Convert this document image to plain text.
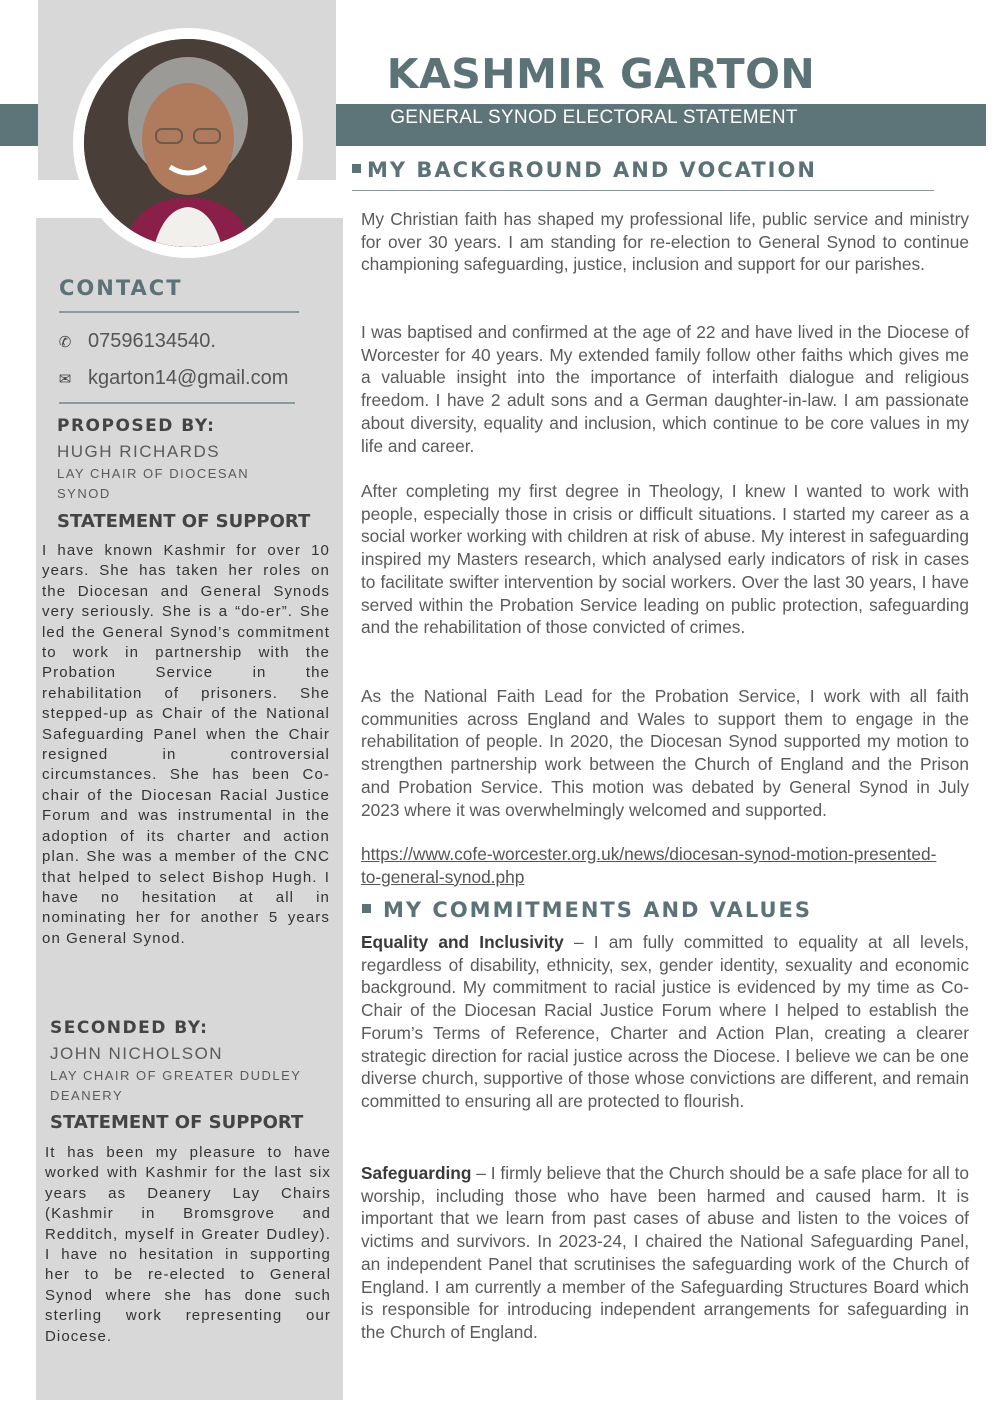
KASHMIR GARTON
GENERAL SYNOD ELECTORAL STATEMENT
CONTACT
✆ 07596134540.
✉ kgarton14@gmail.com
PROPOSED BY:
HUGH RICHARDS
LAY CHAIR OF DIOCESAN SYNOD
STATEMENT OF SUPPORT
I have known Kashmir for over 10 years. She has taken her roles on the Diocesan and General Synods very seriously. She is a “do-er”. She led the General Synod’s commitment to work in partnership with the Probation Service in the rehabilitation of prisoners. She stepped-up as Chair of the National Safeguarding Panel when the Chair resigned in controversial circumstances. She has been Co-chair of the Diocesan Racial Justice Forum and was instrumental in the adoption of its charter and action plan. She was a member of the CNC that helped to select Bishop Hugh. I have no hesitation at all in nominating her for another 5 years on General Synod.
SECONDED BY:
JOHN NICHOLSON
LAY CHAIR OF GREATER DUDLEY DEANERY
STATEMENT OF SUPPORT
It has been my pleasure to have worked with Kashmir for the last six years as Deanery Lay Chairs (Kashmir in Bromsgrove and Redditch, myself in Greater Dudley). I have no hesitation in supporting her to be re-elected to General Synod where she has done such sterling work representing our Diocese.
MY BACKGROUND AND VOCATION
My Christian faith has shaped my professional life, public service and ministry for over 30 years. I am standing for re-election to General Synod to continue championing safeguarding, justice, inclusion and support for our parishes.
I was baptised and confirmed at the age of 22 and have lived in the Diocese of Worcester for 40 years. My extended family follow other faiths which gives me a valuable insight into the importance of interfaith dialogue and religious freedom. I have 2 adult sons and a German daughter-in-law. I am passionate about diversity, equality and inclusion, which continue to be core values in my life and career.
After completing my first degree in Theology, I knew I wanted to work with people, especially those in crisis or difficult situations. I started my career as a social worker working with children at risk of abuse. My interest in safeguarding inspired my Masters research, which analysed early indicators of risk in cases to facilitate swifter intervention by social workers. Over the last 30 years, I have served within the Probation Service leading on public protection, safeguarding and the rehabilitation of those convicted of crimes.
As the National Faith Lead for the Probation Service, I work with all faith communities across England and Wales to support them to engage in the rehabilitation of people. In 2020, the Diocesan Synod supported my motion to strengthen partnership work between the Church of England and the Prison and Probation Service. This motion was debated by General Synod in July 2023 where it was overwhelmingly welcomed and supported.
https://www.cofe-worcester.org.uk/news/diocesan-synod-motion-presented-to-general-synod.php
MY COMMITMENTS AND VALUES
Equality and Inclusivity – I am fully committed to equality at all levels, regardless of disability, ethnicity, sex, gender identity, sexuality and economic background. My commitment to racial justice is evidenced by my time as Co-Chair of the Diocesan Racial Justice Forum where I helped to establish the Forum’s Terms of Reference, Charter and Action Plan, creating a clearer strategic direction for racial justice across the Diocese. I believe we can be one diverse church, supportive of those whose convictions are different, and remain committed to ensuring all are protected to flourish.
Safeguarding – I firmly believe that the Church should be a safe place for all to worship, including those who have been harmed and caused harm. It is important that we learn from past cases of abuse and listen to the voices of victims and survivors. In 2023-24, I chaired the National Safeguarding Panel, an independent Panel that scrutinises the safeguarding work of the Church of England. I am currently a member of the Safeguarding Structures Board which is responsible for introducing independent arrangements for safeguarding in the Church of England.
